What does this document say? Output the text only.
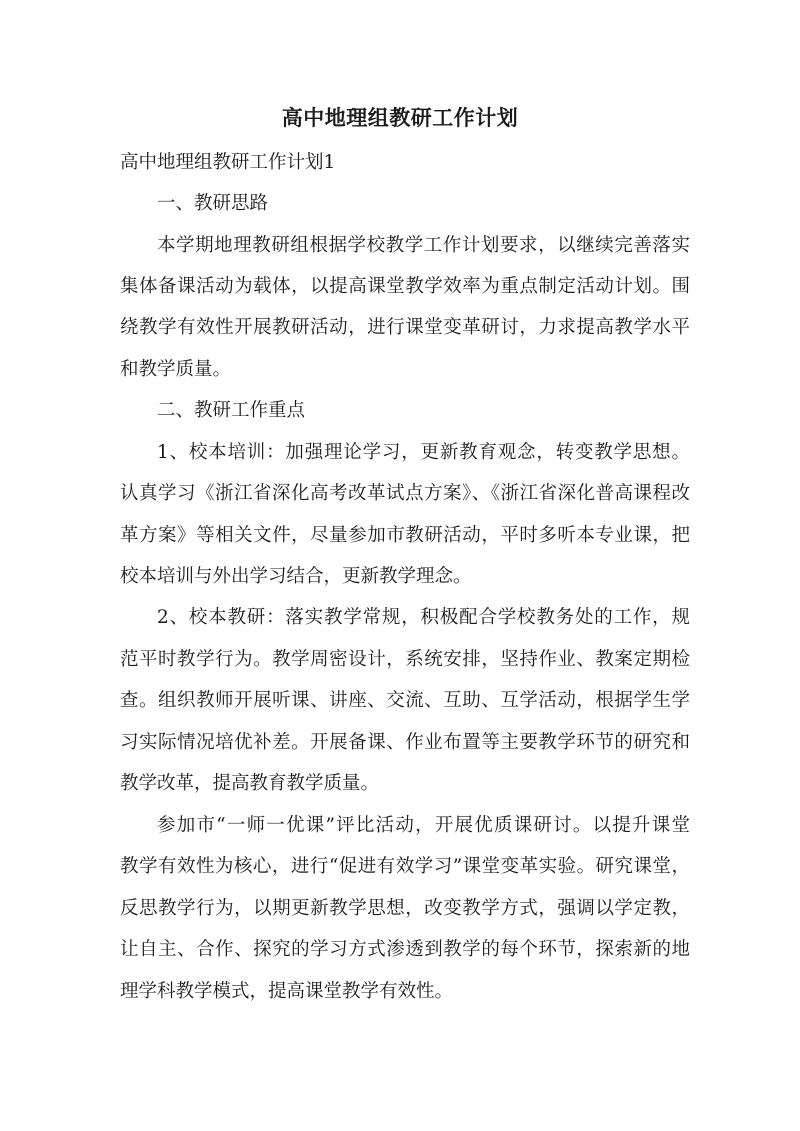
高中地理组教研工作计划

高中地理组教研工作计划1

一、教研思路

本学期地理教研组根据学校教学工作计划要求，以继续完善落实

集体备课活动为载体，以提高课堂教学效率为重点制定活动计划。围

绕教学有效性开展教研活动，进行课堂变革研讨，力求提高教学水平

和教学质量。

二、教研工作重点

1、校本培训：加强理论学习，更新教育观念，转变教学思想。

认真学习《浙江省深化高考改革试点方案》、《浙江省深化普高课程改

革方案》等相关文件，尽量参加市教研活动，平时多听本专业课，把

校本培训与外出学习结合，更新教学理念。

2、校本教研：落实教学常规，积极配合学校教务处的工作，规

范平时教学行为。教学周密设计，系统安排，坚持作业、教案定期检

查。组织教师开展听课、讲座、交流、互助、互学活动，根据学生学

习实际情况培优补差。开展备课、作业布置等主要教学环节的研究和

教学改革，提高教育教学质量。

参加市“一师一优课”评比活动，开展优质课研讨。以提升课堂

教学有效性为核心，进行“促进有效学习”课堂变革实验。研究课堂，

反思教学行为，以期更新教学思想，改变教学方式，强调以学定教，

让自主、合作、探究的学习方式渗透到教学的每个环节，探索新的地

理学科教学模式，提高课堂教学有效性。
